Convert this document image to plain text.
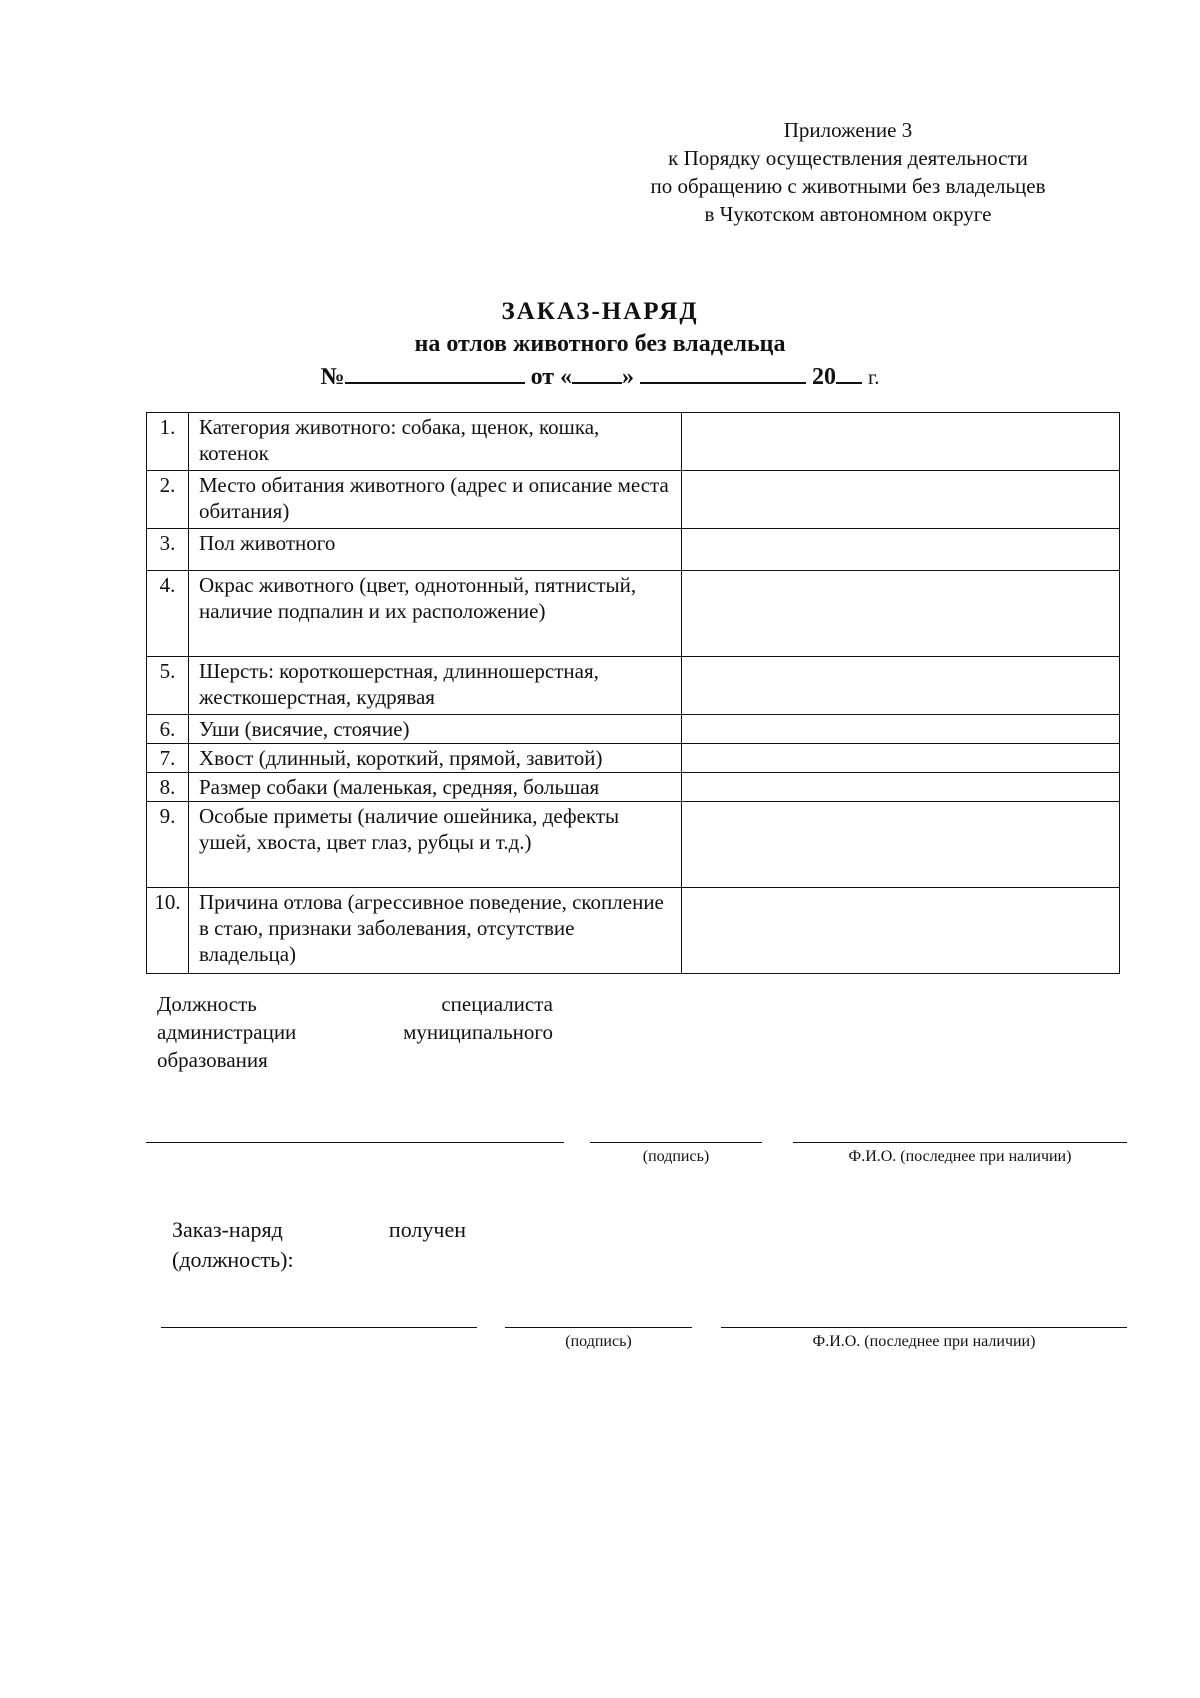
Приложение 3
к Порядку осуществления деятельности
по обращению с животными без владельцев
в Чукотском автономном округе
ЗАКАЗ-НАРЯД
на отлов животного без владельца
№	от « »	20 г.
1.	Категория животного: собака, щенок, кошка, котенок	
2.	Место обитания животного (адрес и описание места обитания)	
3.	Пол животного	
4.	Окрас животного (цвет, однотонный, пятнистый, наличие подпалин и их расположение)	
5.	Шерсть: короткошерстная, длинношерстная, жесткошерстная, кудрявая	
6.	Уши (висячие, стоячие)	
7.	Хвост (длинный, короткий, прямой, завитой)	
8.	Размер собаки (маленькая, средняя, большая	
9.	Особые приметы (наличие ошейника, дефекты ушей, хвоста, цвет глаз, рубцы и т.д.)	
10.	Причина отлова (агрессивное поведение, скопление в стаю, признаки заболевания, отсутствие владельца)	
Должность	специалиста
администрации	муниципального
образования
(подпись)	Ф.И.О. (последнее при наличии)
Заказ-наряд	получен
(должность):
(подпись)	Ф.И.О. (последнее при наличии)
